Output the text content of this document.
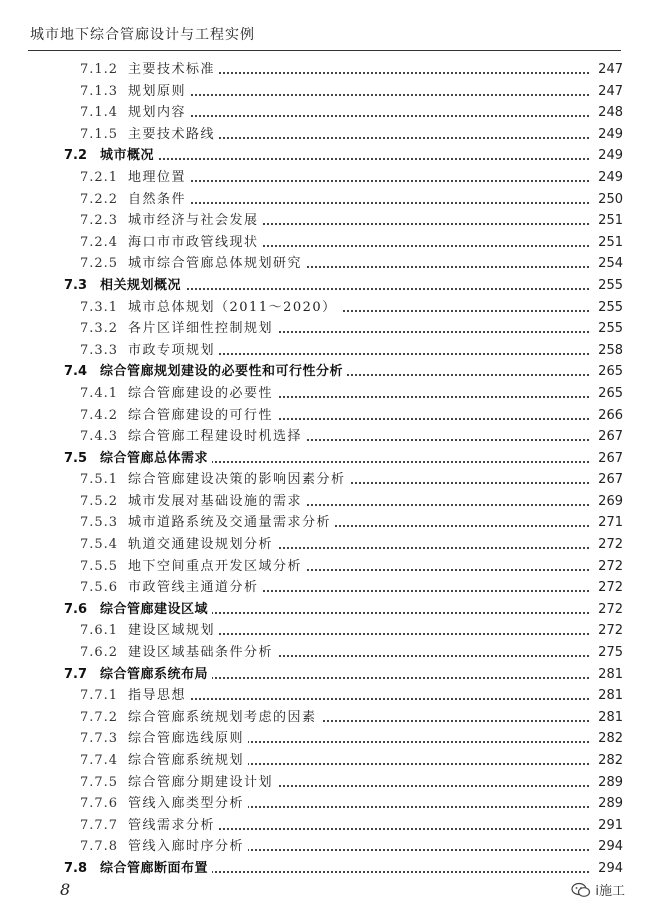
城市地下综合管廊设计与工程实例
7.1.2 主要技术标准	247
7.1.3 规划原则	247
7.1.4 规划内容	248
7.1.5 主要技术路线	249
7.2 城市概况	249
7.2.1 地理位置	249
7.2.2 自然条件	250
7.2.3 城市经济与社会发展	251
7.2.4 海口市市政管线现状	251
7.2.5 城市综合管廊总体规划研究	254
7.3 相关规划概况	255
7.3.1 城市总体规划（2011～2020）	255
7.3.2 各片区详细性控制规划	255
7.3.3 市政专项规划	258
7.4 综合管廊规划建设的必要性和可行性分析	265
7.4.1 综合管廊建设的必要性	265
7.4.2 综合管廊建设的可行性	266
7.4.3 综合管廊工程建设时机选择	267
7.5 综合管廊总体需求	267
7.5.1 综合管廊建设决策的影响因素分析	267
7.5.2 城市发展对基础设施的需求	269
7.5.3 城市道路系统及交通量需求分析	271
7.5.4 轨道交通建设规划分析	272
7.5.5 地下空间重点开发区域分析	272
7.5.6 市政管线主通道分析	272
7.6 综合管廊建设区域	272
7.6.1 建设区域规划	272
7.6.2 建设区域基础条件分析	275
7.7 综合管廊系统布局	281
7.7.1 指导思想	281
7.7.2 综合管廊系统规划考虑的因素	281
7.7.3 综合管廊选线原则	282
7.7.4 综合管廊系统规划	282
7.7.5 综合管廊分期建设计划	289
7.7.6 管线入廊类型分析	289
7.7.7 管线需求分析	291
7.7.8 管线入廊时序分析	294
7.8 综合管廊断面布置	294
8	i施工
